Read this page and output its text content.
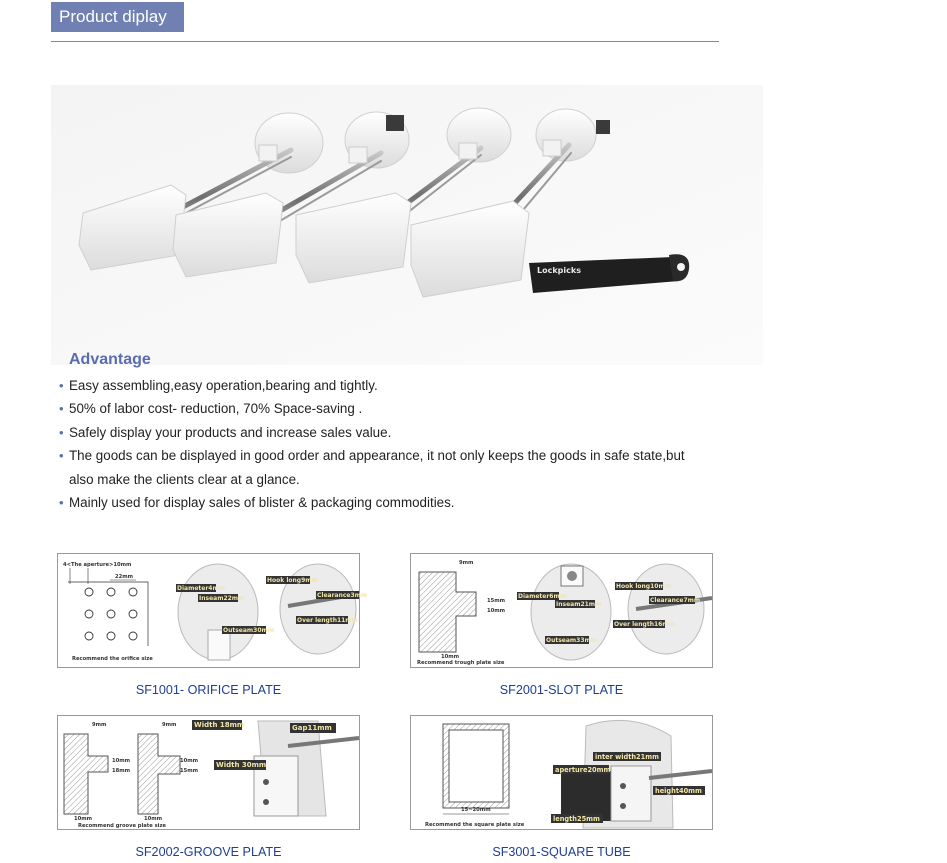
Product diplay
Lockpicks
Advantage
• Easy assembling,easy operation,bearing and tightly.
• 50% of labor cost- reduction, 70% Space-saving .
• Safely display your products and increase sales value.
• The goods can be displayed in good order and appearance, it not only keeps the goods in safe state,but also make the clients clear at a glance.
• Mainly used for display sales of blister & packaging commodities.
4<The aperture>10mm
22mm
Recommend the orifice size
Diameter4mm
Inseam22mm
Outseam30mm
Hook long9mm
Clearance3mm
Over length11mm
SF1001- ORIFICE PLATE
9mm
15mm
10mm
10mm
Recommend trough plate size
Diameter6mm
Inseam21mm
Outseam33mm
Hook long10mm
Clearance7mm
Over length16mm
SF2001-SLOT PLATE
9mm	9mm
10mm
18mm
10mm
15mm
10mm	10mm
Recommend groove plate size
Width 18mm	Gap11mm
Width 30mm
SF2002-GROOVE PLATE
15~20mm
Recommend the square plate size
inter width21mm
aperture20mm
height40mm
length25mm
SF3001-SQUARE TUBE
